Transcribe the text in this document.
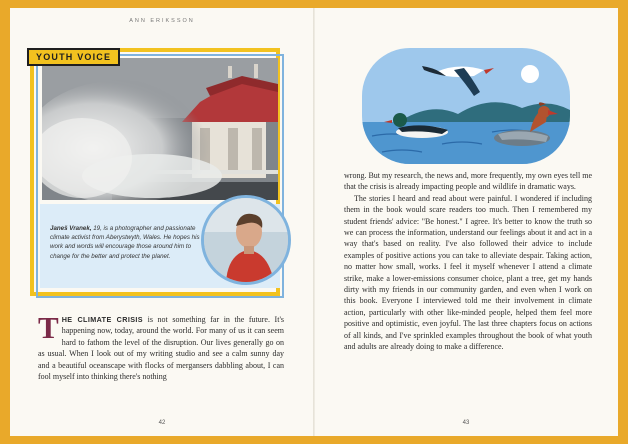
ANN ERIKSSON
YOUTH VOICE
Janeš Vranek, 19, is a photographer and passionate climate activist from Aberystwyth, Wales. He hopes his work and words will encourage those around him to change for the better and protect the planet.
THE CLIMATE CRISIS is not something far in the future. It's happening now, today, around the world. For many of us it can seem hard to fathom the level of the disruption. Our lives generally go on as usual. When I look out of my writing studio and see a calm sunny day and a beautiful oceanscape with flocks of mergansers dabbling about, I can fool myself into thinking there's nothing
42

wrong. But my research, the news and, more frequently, my own eyes tell me that the crisis is already impacting people and wildlife in dramatic ways.

The stories I heard and read about were painful. I wondered if including them in the book would scare readers too much. Then I remembered my student friends' advice: "Be honest." I agree. It's better to know the truth so we can process the information, understand our feelings about it and act in a way that's based on reality. I've also followed their advice to include examples of positive actions you can take to alleviate despair. Taking action, no matter how small, works. I feel it myself whenever I attend a climate strike, make a lower-emissions consumer choice, plant a tree, get my hands dirty with my friends in our community garden, and even when I work on this book. Everyone I interviewed told me their involvement in climate action, particularly with other like-minded people, helped them feel more positive and optimistic, even joyful. The last three chapters focus on actions of all kinds, and I've sprinkled examples throughout the book of what youth and adults are already doing to make a difference.

43
